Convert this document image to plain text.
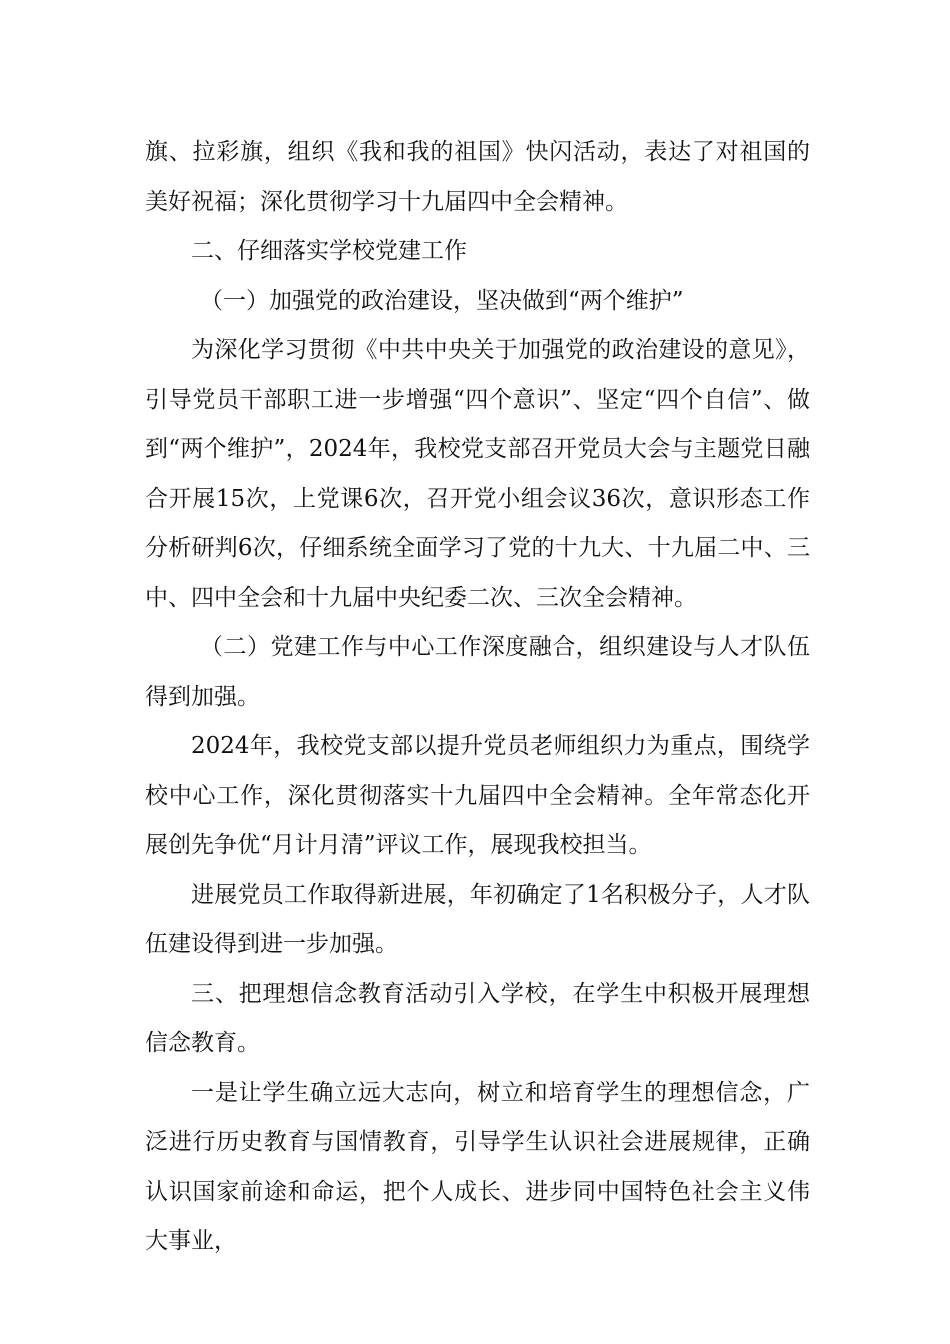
旗、拉彩旗，组织《我和我的祖国》快闪活动，表达了对祖国的美好祝福；深化贯彻学习十九届四中全会精神。

二、仔细落实学校党建工作

（一）加强党的政治建设，坚决做到“两个维护”

为深化学习贯彻《中共中央关于加强党的政治建设的意见》，引导党员干部职工进一步增强“四个意识”、坚定“四个自信”、做到“两个维护”，2024年，我校党支部召开党员大会与主题党日融合开展15次，上党课6次，召开党小组会议36次，意识形态工作分析研判6次，仔细系统全面学习了党的十九大、十九届二中、三中、四中全会和十九届中央纪委二次、三次全会精神。

（二）党建工作与中心工作深度融合，组织建设与人才队伍得到加强。

2024年，我校党支部以提升党员老师组织力为重点，围绕学校中心工作，深化贯彻落实十九届四中全会精神。全年常态化开展创先争优“月计月清”评议工作，展现我校担当。

进展党员工作取得新进展，年初确定了1名积极分子，人才队伍建设得到进一步加强。

三、把理想信念教育活动引入学校，在学生中积极开展理想信念教育。

一是让学生确立远大志向，树立和培育学生的理想信念，广泛进行历史教育与国情教育，引导学生认识社会进展规律，正确认识国家前途和命运，把个人成长、进步同中国特色社会主义伟大事业，
